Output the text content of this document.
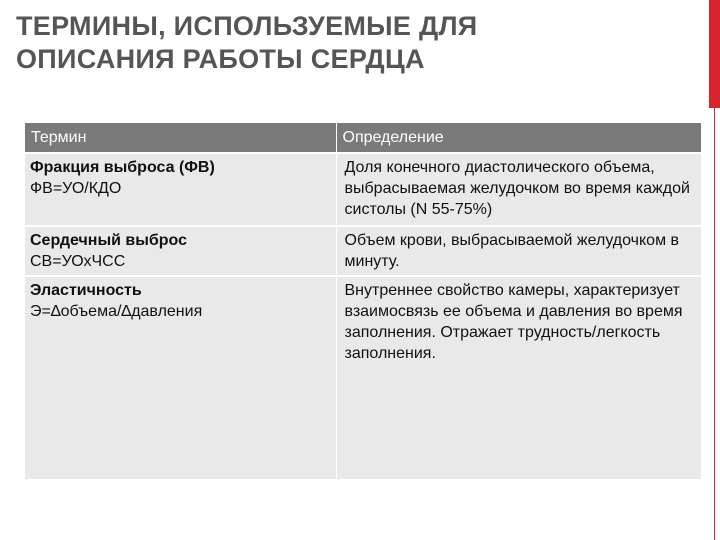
ТЕРМИНЫ, ИСПОЛЬЗУЕМЫЕ ДЛЯ
ОПИСАНИЯ РАБОТЫ СЕРДЦА
Термин	Определение

Фракция выброса (ФВ)
ФВ=УО/КДО	Доля конечного диастолического объема, выбрасываемая желудочком во время каждой систолы (N 55-75%)

Сердечный выброс
СВ=УОхЧСС	Объем крови, выбрасываемой желудочком в минуту.

Эластичность
Э=∆объема/∆давления	Внутреннее свойство камеры, характеризует взаимосвязь ее объема и давления во время заполнения. Отражает трудность/легкость заполнения.
